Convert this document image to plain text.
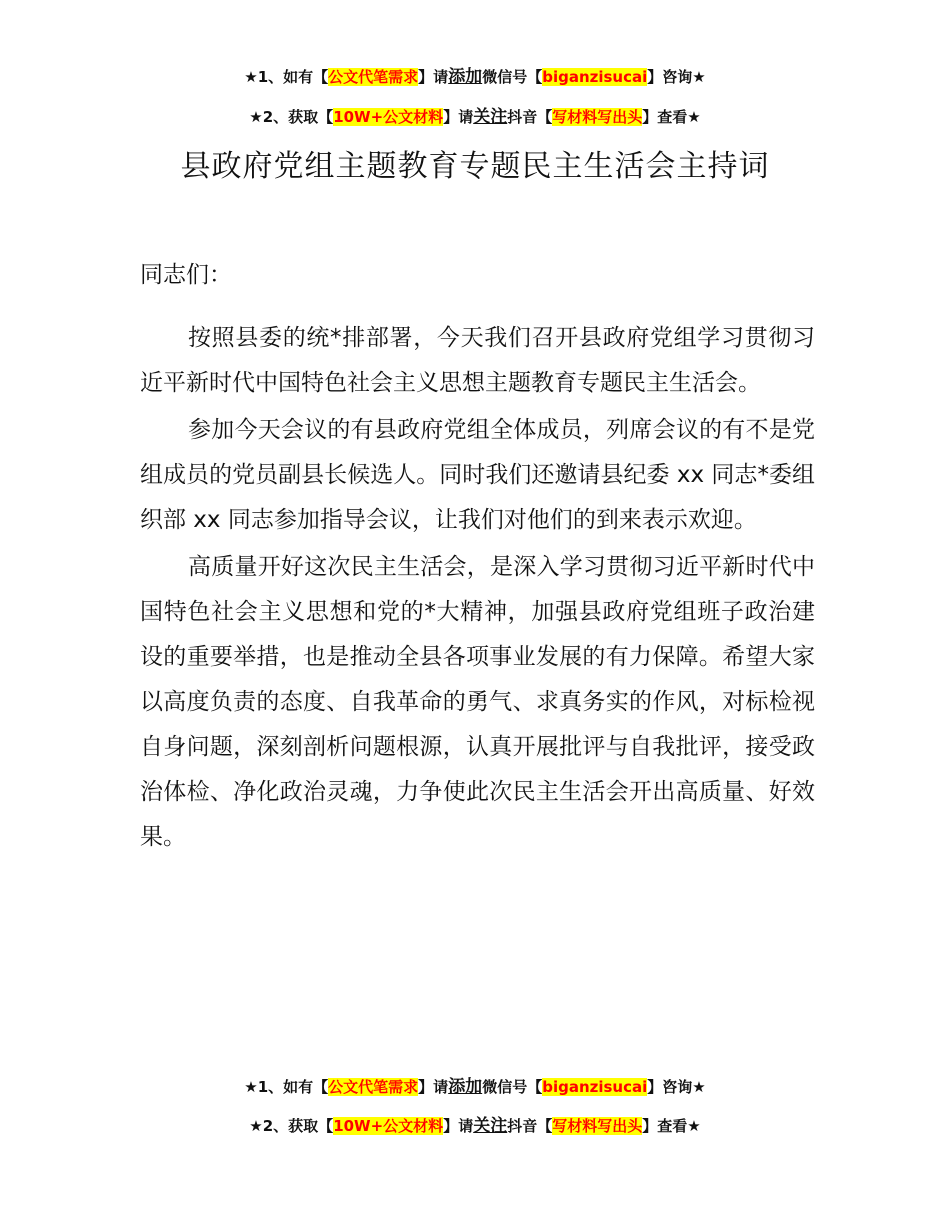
★1、如有【公文代笔需求】请添加微信号【biganzisucai】咨询★
★2、获取【10W+公文材料】请关注抖音【写材料写出头】查看★
县政府党组主题教育专题民主生活会主持词

同志们：

按照县委的统*排部署，今天我们召开县政府党组学习贯彻习近平新时代中国特色社会主义思想主题教育专题民主生活会。

参加今天会议的有县政府党组全体成员，列席会议的有不是党组成员的党员副县长候选人。同时我们还邀请县纪委 xx 同志*委组织部 xx 同志参加指导会议，让我们对他们的到来表示欢迎。

高质量开好这次民主生活会，是深入学习贯彻习近平新时代中国特色社会主义思想和党的*大精神，加强县政府党组班子政治建设的重要举措，也是推动全县各项事业发展的有力保障。希望大家以高度负责的态度、自我革命的勇气、求真务实的作风，对标检视自身问题，深刻剖析问题根源，认真开展批评与自我批评，接受政治体检、净化政治灵魂，力争使此次民主生活会开出高质量、好效果。

★1、如有【公文代笔需求】请添加微信号【biganzisucai】咨询★
★2、获取【10W+公文材料】请关注抖音【写材料写出头】查看★
